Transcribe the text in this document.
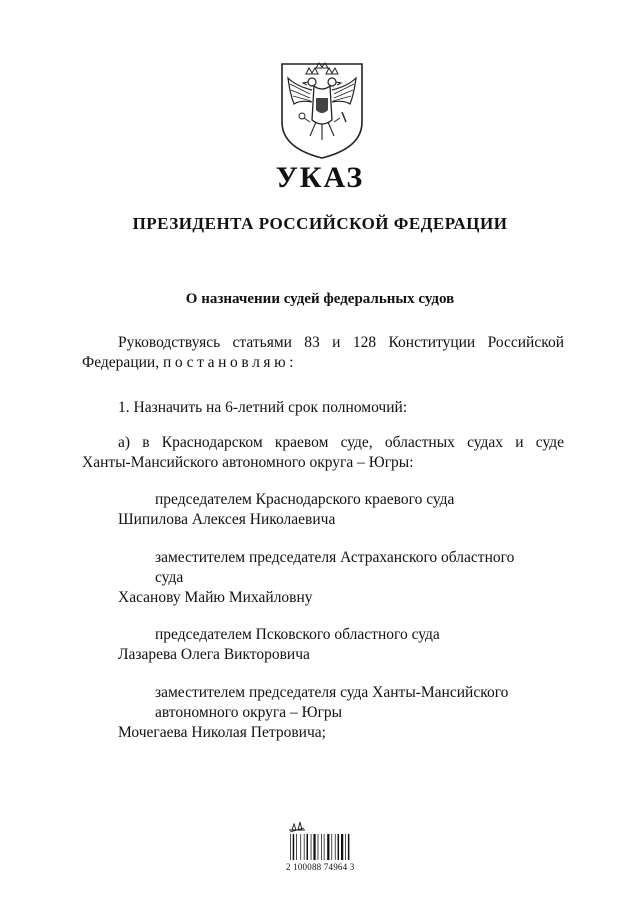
УКАЗ
ПРЕЗИДЕНТА РОССИЙСКОЙ ФЕДЕРАЦИИ
О назначении судей федеральных судов
Руководствуясь статьями 83 и 128 Конституции Российской
Федерации, постановляю:
1. Назначить на 6-летний срок полномочий:
а) в Краснодарском краевом суде, областных судах и суде
Ханты-Мансийского автономного округа – Югры:
председателем Краснодарского краевого суда
Шипилова Алексея Николаевича
заместителем председателя Астраханского областного
суда
Хасанову Майю Михайловну
председателем Псковского областного суда
Лазарева Олега Викторовича
заместителем председателя суда Ханты-Мансийского
автономного округа – Югры
Мочегаева Николая Петровича;
2 100088 74964 3
